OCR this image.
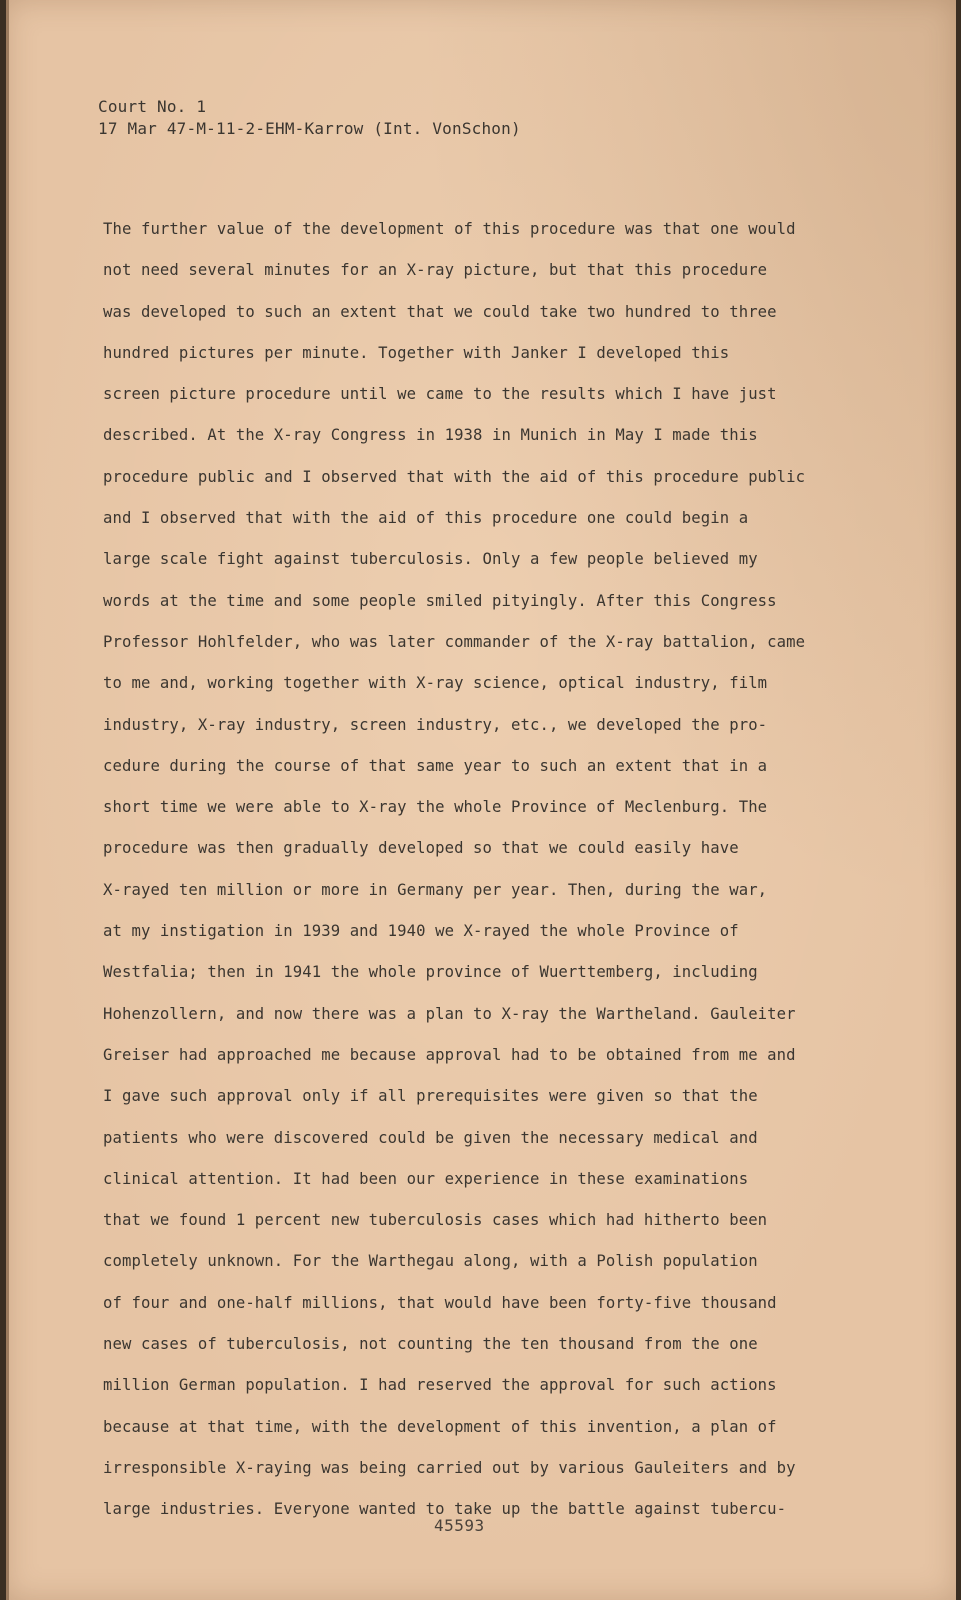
Court No. 1
17 Mar 47-M-11-2-EHM-Karrow (Int. VonSchon)
The further value of the development of this procedure was that one would
not need several minutes for an X-ray picture, but that this procedure
was developed to such an extent that we could take two hundred to three
hundred pictures per minute. Together with Janker I developed this
screen picture procedure until we came to the results which I have just
described. At the X-ray Congress in 1938 in Munich in May I made this
procedure public and I observed that with the aid of this procedure public
and I observed that with the aid of this procedure one could begin a
large scale fight against tuberculosis. Only a few people believed my
words at the time and some people smiled pityingly. After this Congress
Professor Hohlfelder, who was later commander of the X-ray battalion, came
to me and, working together with X-ray science, optical industry, film
industry, X-ray industry, screen industry, etc., we developed the pro-
cedure during the course of that same year to such an extent that in a
short time we were able to X-ray the whole Province of Meclenburg. The
procedure was then gradually developed so that we could easily have
X-rayed ten million or more in Germany per year. Then, during the war,
at my instigation in 1939 and 1940 we X-rayed the whole Province of
Westfalia; then in 1941 the whole province of Wuerttemberg, including
Hohenzollern, and now there was a plan to X-ray the Wartheland. Gauleiter
Greiser had approached me because approval had to be obtained from me and
I gave such approval only if all prerequisites were given so that the
patients who were discovered could be given the necessary medical and
clinical attention. It had been our experience in these examinations
that we found 1 percent new tuberculosis cases which had hitherto been
completely unknown. For the Warthegau along, with a Polish population
of four and one-half millions, that would have been forty-five thousand
new cases of tuberculosis, not counting the ten thousand from the one
million German population. I had reserved the approval for such actions
because at that time, with the development of this invention, a plan of
irresponsible X-raying was being carried out by various Gauleiters and by
large industries. Everyone wanted to take up the battle against tubercu-
45593
